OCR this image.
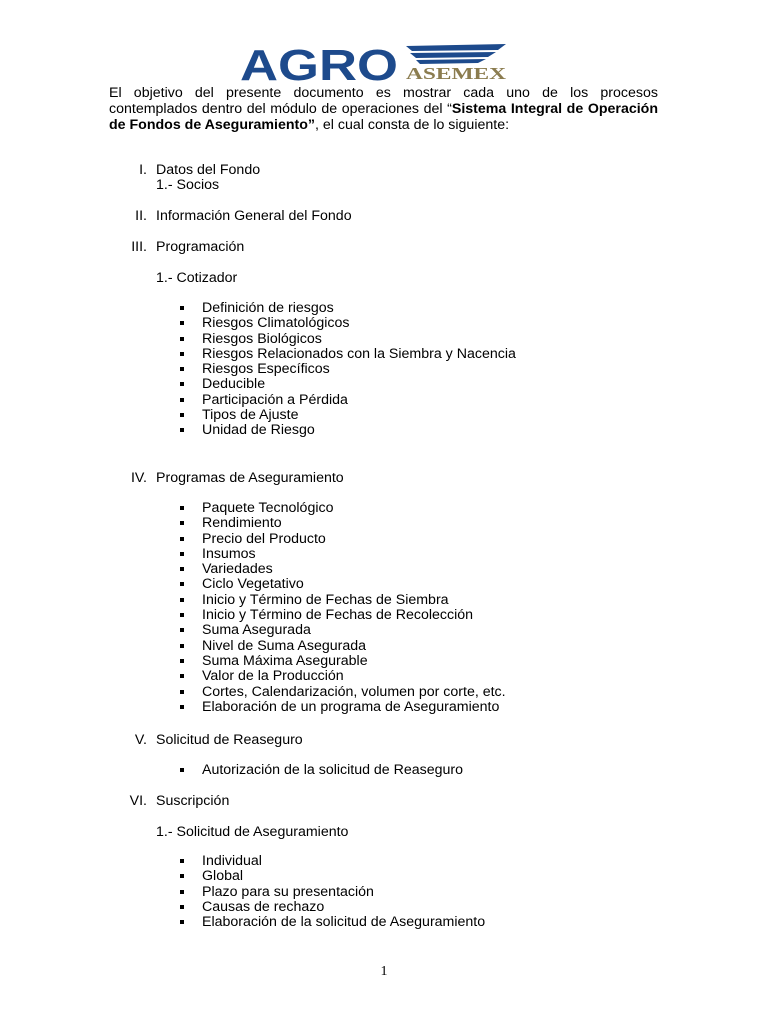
AGRO ASEMEX
El objetivo del presente documento es mostrar cada uno de los procesos contemplados dentro del módulo de operaciones del “Sistema Integral de Operación de Fondos de Aseguramiento”, el cual consta de lo siguiente:
I. Datos del Fondo
1.- Socios
II. Información General del Fondo
III. Programación
1.- Cotizador
Definición de riesgos
Riesgos Climatológicos
Riesgos Biológicos
Riesgos Relacionados con la Siembra y Nacencia
Riesgos Específicos
Deducible
Participación a Pérdida
Tipos de Ajuste
Unidad de Riesgo
IV. Programas de Aseguramiento
Paquete Tecnológico
Rendimiento
Precio del Producto
Insumos
Variedades
Ciclo Vegetativo
Inicio y Término de Fechas de Siembra
Inicio y Término de Fechas de Recolección
Suma Asegurada
Nivel de Suma Asegurada
Suma Máxima Asegurable
Valor de la Producción
Cortes, Calendarización, volumen por corte, etc.
Elaboración de un programa de Aseguramiento
V. Solicitud de Reaseguro
Autorización de la solicitud de Reaseguro
VI. Suscripción
1.- Solicitud de Aseguramiento
Individual
Global
Plazo para su presentación
Causas de rechazo
Elaboración de la solicitud de Aseguramiento
1
